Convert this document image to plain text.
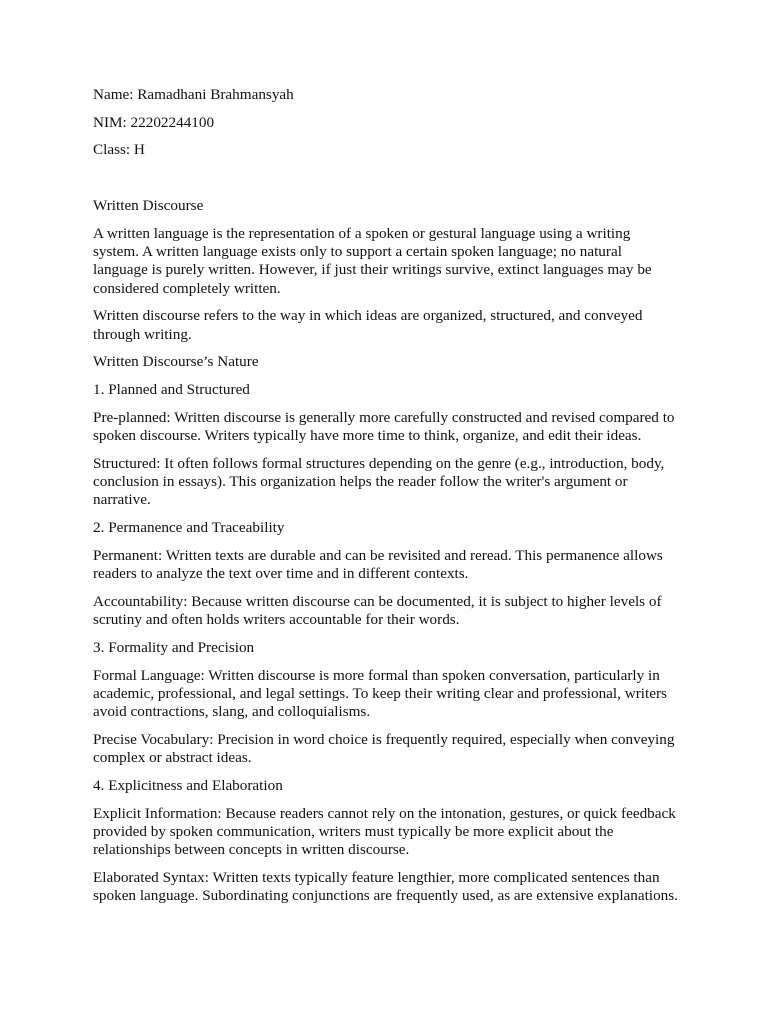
Name: Ramadhani Brahmansyah

NIM: 22202244100

Class: H

Written Discourse

A written language is the representation of a spoken or gestural language using a writing system. A written language exists only to support a certain spoken language; no natural language is purely written. However, if just their writings survive, extinct languages may be considered completely written.

Written discourse refers to the way in which ideas are organized, structured, and conveyed through writing.

Written Discourse’s Nature

1. Planned and Structured

Pre-planned: Written discourse is generally more carefully constructed and revised compared to spoken discourse. Writers typically have more time to think, organize, and edit their ideas.

Structured: It often follows formal structures depending on the genre (e.g., introduction, body, conclusion in essays). This organization helps the reader follow the writer's argument or narrative.

2. Permanence and Traceability

Permanent: Written texts are durable and can be revisited and reread. This permanence allows readers to analyze the text over time and in different contexts.

Accountability: Because written discourse can be documented, it is subject to higher levels of scrutiny and often holds writers accountable for their words.

3. Formality and Precision

Formal Language: Written discourse is more formal than spoken conversation, particularly in academic, professional, and legal settings. To keep their writing clear and professional, writers avoid contractions, slang, and colloquialisms.

Precise Vocabulary: Precision in word choice is frequently required, especially when conveying complex or abstract ideas.

4. Explicitness and Elaboration

Explicit Information: Because readers cannot rely on the intonation, gestures, or quick feedback provided by spoken communication, writers must typically be more explicit about the relationships between concepts in written discourse.

Elaborated Syntax: Written texts typically feature lengthier, more complicated sentences than spoken language. Subordinating conjunctions are frequently used, as are extensive explanations.
